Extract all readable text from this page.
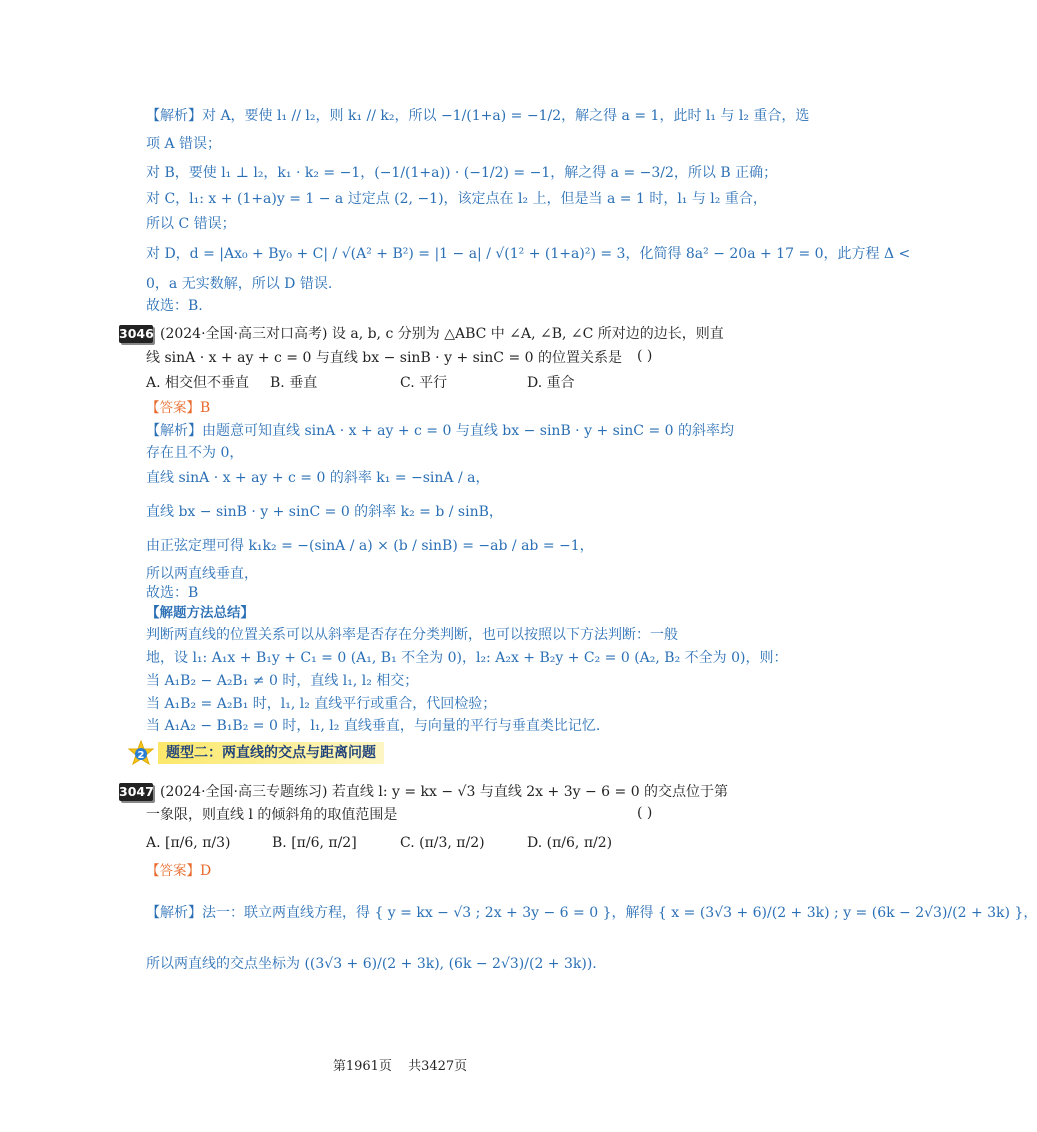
【解析】对 A，要使 l₁ // l₂，则 k₁ // k₂，所以 −1/(1+a) = −1/2，解之得 a = 1，此时 l₁ 与 l₂ 重合，选
项 A 错误；
对 B，要使 l₁ ⊥ l₂，k₁ · k₂ = −1，(−1/(1+a)) · (−1/2) = −1，解之得 a = −3/2，所以 B 正确；
对 C，l₁: x + (1+a)y = 1 − a 过定点 (2, −1)，该定点在 l₂ 上，但是当 a = 1 时，l₁ 与 l₂ 重合，
所以 C 错误；
对 D，d = |Ax₀ + By₀ + C| / √(A² + B²) = |1 − a| / √(1² + (1+a)²) = 3，化简得 8a² − 20a + 17 = 0，此方程 Δ <
0，a 无实数解，所以 D 错误.
故选：B.
3046 (2024·全国·高三对口高考) 设 a, b, c 分别为 △ABC 中 ∠A, ∠B, ∠C 所对边的边长，则直
线 sinA · x + ay + c = 0 与直线 bx − sinB · y + sinC = 0 的位置关系是 ( )
A. 相交但不垂直 B. 垂直	C. 平行	D. 重合
【答案】B
【解析】由题意可知直线 sinA · x + ay + c = 0 与直线 bx − sinB · y + sinC = 0 的斜率均
存在且不为 0，
直线 sinA · x + ay + c = 0 的斜率 k₁ = −sinA / a，
直线 bx − sinB · y + sinC = 0 的斜率 k₂ = b / sinB，
由正弦定理可得 k₁k₂ = −(sinA / a) × (b / sinB) = −ab / ab = −1，
所以两直线垂直，
故选：B
【解题方法总结】
判断两直线的位置关系可以从斜率是否存在分类判断，也可以按照以下方法判断：一般
地，设 l₁: A₁x + B₁y + C₁ = 0 (A₁, B₁ 不全为 0)，l₂: A₂x + B₂y + C₂ = 0 (A₂, B₂ 不全为 0)，则：
当 A₁B₂ − A₂B₁ ≠ 0 时，直线 l₁, l₂ 相交；
当 A₁B₂ = A₂B₁ 时，l₁, l₂ 直线平行或重合，代回检验；
当 A₁A₂ − B₁B₂ = 0 时，l₁, l₂ 直线垂直，与向量的平行与垂直类比记忆.
2	题型二：两直线的交点与距离问题
3047 (2024·全国·高三专题练习) 若直线 l: y = kx − √3 与直线 2x + 3y − 6 = 0 的交点位于第
一象限，则直线 l 的倾斜角的取值范围是	( )
A. [π/6, π/3)	B. [π/6, π/2]	C. (π/3, π/2)	D. (π/6, π/2)
【答案】D
【解析】法一：联立两直线方程，得 { y = kx − √3 ; 2x + 3y − 6 = 0 }，解得 { x = (3√3 + 6)/(2 + 3k) ; y = (6k − 2√3)/(2 + 3k) }，
所以两直线的交点坐标为 ((3√3 + 6)/(2 + 3k), (6k − 2√3)/(2 + 3k)).
第1961页 共3427页
